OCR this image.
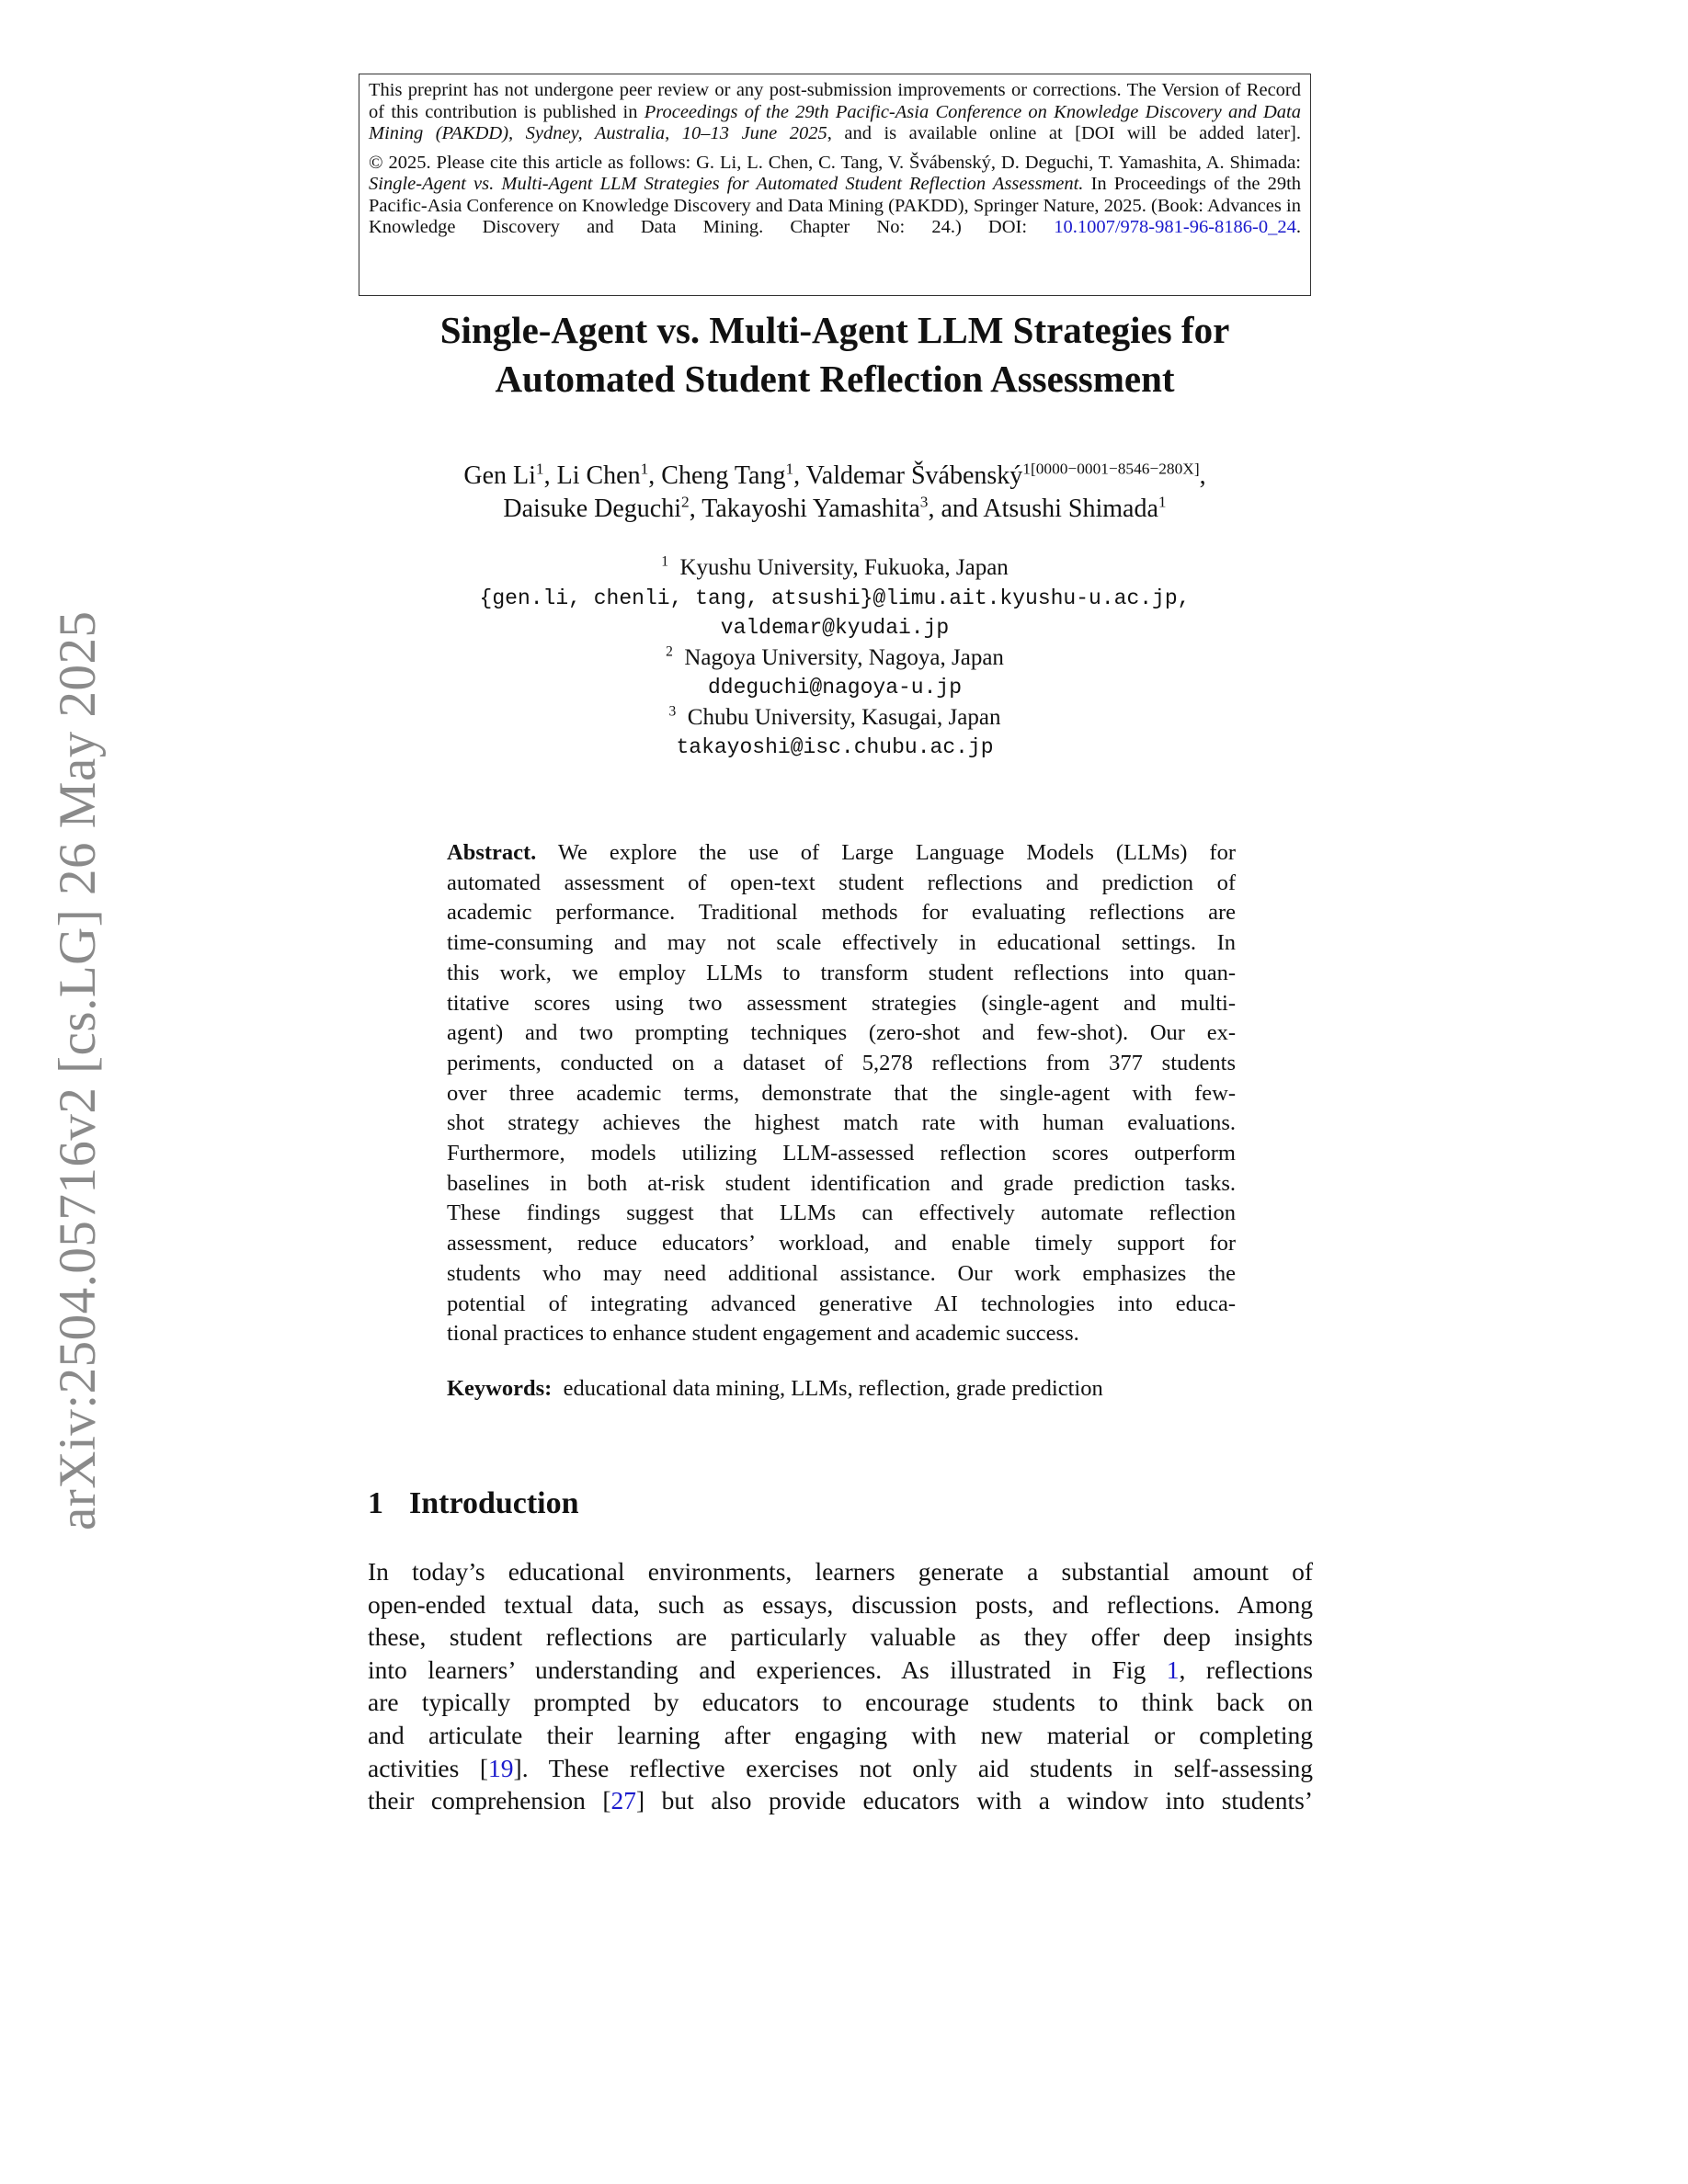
arXiv:2504.05716v2 [cs.LG] 26 May 2025

This preprint has not undergone peer review or any post-submission improvements or corrections. The Version of Record of this contribution is published in Proceedings of the 29th Pacific-Asia Conference on Knowledge Discovery and Data Mining (PAKDD), Sydney, Australia, 10–13 June 2025, and is available online at [DOI will be added later].

© 2025. Please cite this article as follows: G. Li, L. Chen, C. Tang, V. Švábenský, D. Deguchi, T. Yamashita, A. Shimada: Single-Agent vs. Multi-Agent LLM Strategies for Automated Student Reflection Assessment. In Proceedings of the 29th Pacific-Asia Conference on Knowledge Discovery and Data Mining (PAKDD), Springer Nature, 2025. (Book: Advances in Knowledge Discovery and Data Mining. Chapter No: 24.) DOI: 10.1007/978-981-96-8186-0_24.

Single-Agent vs. Multi-Agent LLM Strategies for
Automated Student Reflection Assessment
Gen Li$^1$, Li Chen$^1$, Cheng Tang$^1$, Valdemar Švábenský$^{1[0000-0001-8546-280X]}$,
Daisuke Deguchi$^2$, Takayoshi Yamashita$^3$, and Atsushi Shimada$^1$
$^1$ Kyushu University, Fukuoka, Japan
{gen.li, chenli, tang, atsushi}@limu.ait.kyushu-u.ac.jp,
valdemar@kyudai.jp
$^2$ Nagoya University, Nagoya, Japan
ddeguchi@nagoya-u.jp
$^3$ Chubu University, Kasugai, Japan
takayoshi@isc.chubu.ac.jp
Abstract. We explore the use of Large Language Models (LLMs) for
automated assessment of open-text student reflections and prediction of
academic performance. Traditional methods for evaluating reflections are
time-consuming and may not scale effectively in educational settings. In
this work, we employ LLMs to transform student reflections into quan-
titative scores using two assessment strategies (single-agent and multi-
agent) and two prompting techniques (zero-shot and few-shot). Our ex-
periments, conducted on a dataset of 5,278 reflections from 377 students
over three academic terms, demonstrate that the single-agent with few-
shot strategy achieves the highest match rate with human evaluations.
Furthermore, models utilizing LLM-assessed reflection scores outperform
baselines in both at-risk student identification and grade prediction tasks.
These findings suggest that LLMs can effectively automate reflection
assessment, reduce educators’ workload, and enable timely support for
students who may need additional assistance. Our work emphasizes the
potential of integrating advanced generative AI technologies into educa-
tional practices to enhance student engagement and academic success.
Keywords: educational data mining, LLMs, reflection, grade prediction
1 Introduction
In today’s educational environments, learners generate a substantial amount of
open-ended textual data, such as essays, discussion posts, and reflections. Among
these, student reflections are particularly valuable as they offer deep insights
into learners’ understanding and experiences. As illustrated in Fig 1, reflections
are typically prompted by educators to encourage students to think back on
and articulate their learning after engaging with new material or completing
activities [19]. These reflective exercises not only aid students in self-assessing
their comprehension [27] but also provide educators with a window into students’
